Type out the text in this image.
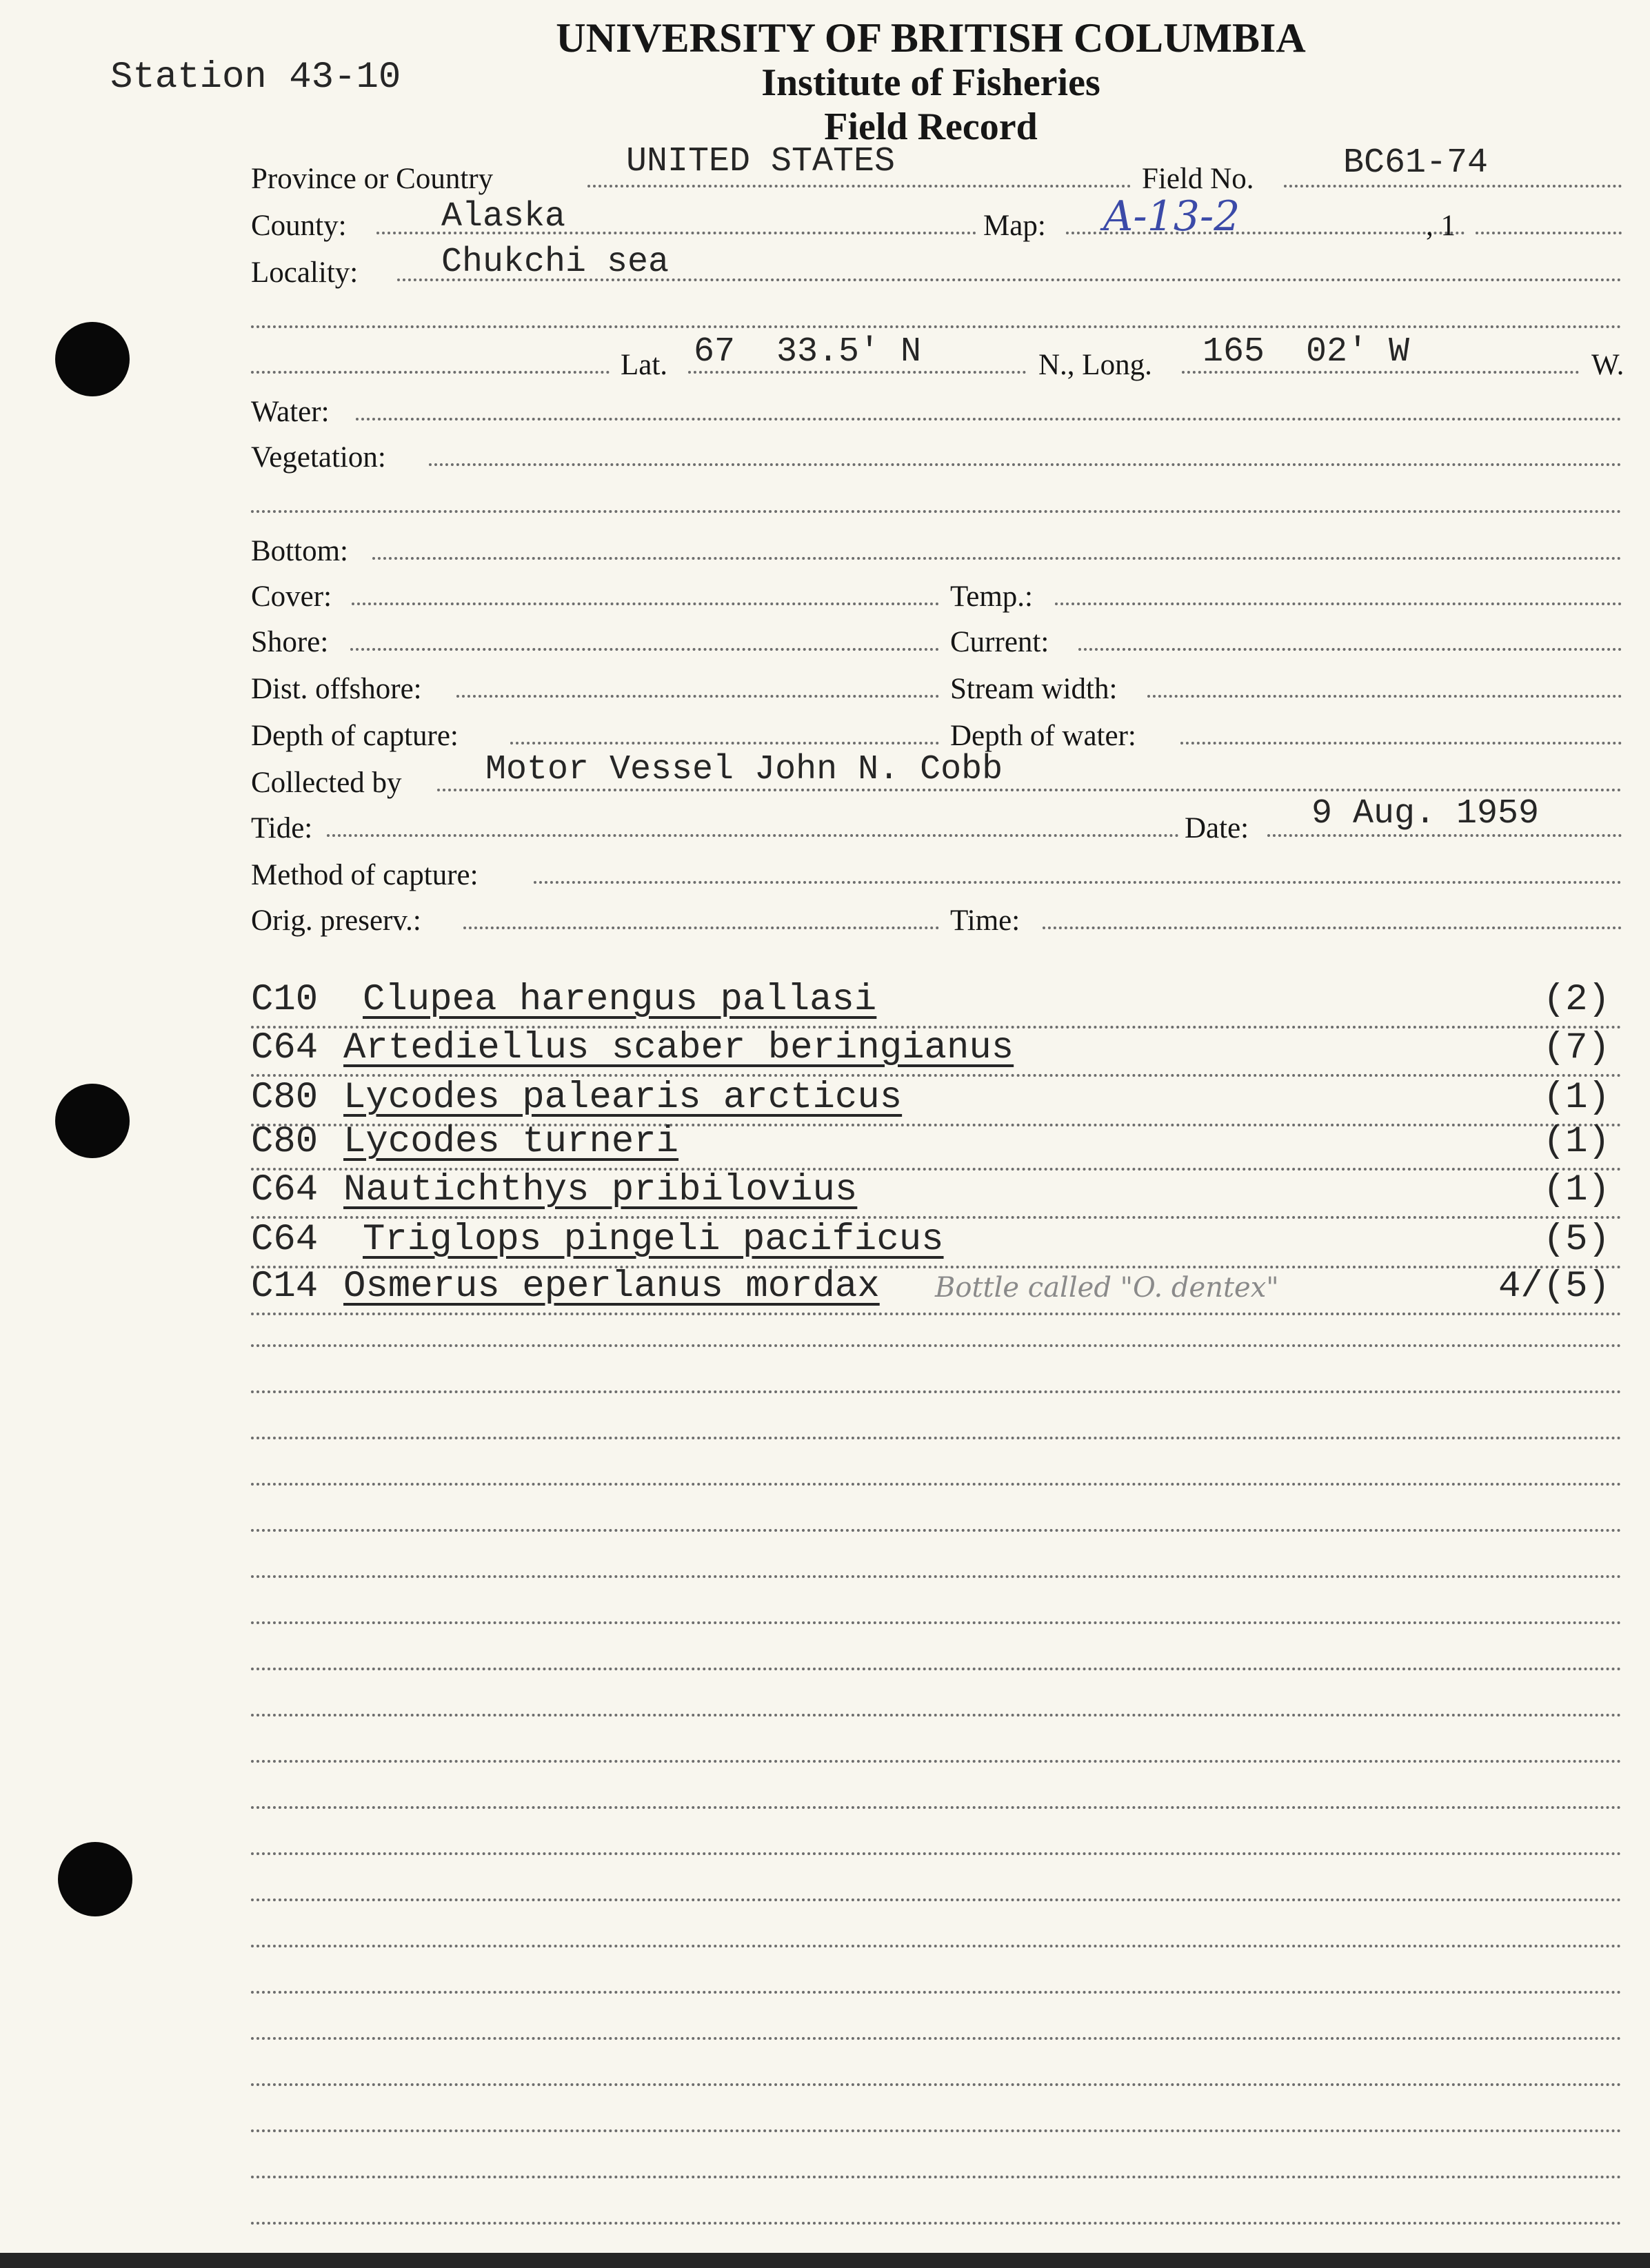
Station 43-10
UNIVERSITY OF BRITISH COLUMBIA
Institute of Fisheries
Field Record
Province or Country	UNITED STATES	Field No.	BC61-74
County:	Alaska	Map: A-13-2	, 1
Locality: Chukchi sea
Lat. 67  33.5' N	N., Long. 165  02' W	W.
Water:
Vegetation:
Bottom:
Cover:	Temp.:
Shore:	Current:
Dist. offshore:	Stream width:
Depth of capture:	Depth of water:
Collected by Motor Vessel John N. Cobb
Tide:	Date: 9 Aug. 1959
Method of capture:
Orig. preserv.:	Time:
C10 Clupea harengus pallasi	(2)
C64 Artediellus scaber beringianus	(7)
C80 Lycodes palearis arcticus	(1)
C80 Lycodes turneri	(1)
C64 Nautichthys pribilovius	(1)
C64 Triglops pingeli pacificus	(5)
C14 Osmerus eperlanus mordax Bottle called "O. dentex"	4/(5)
